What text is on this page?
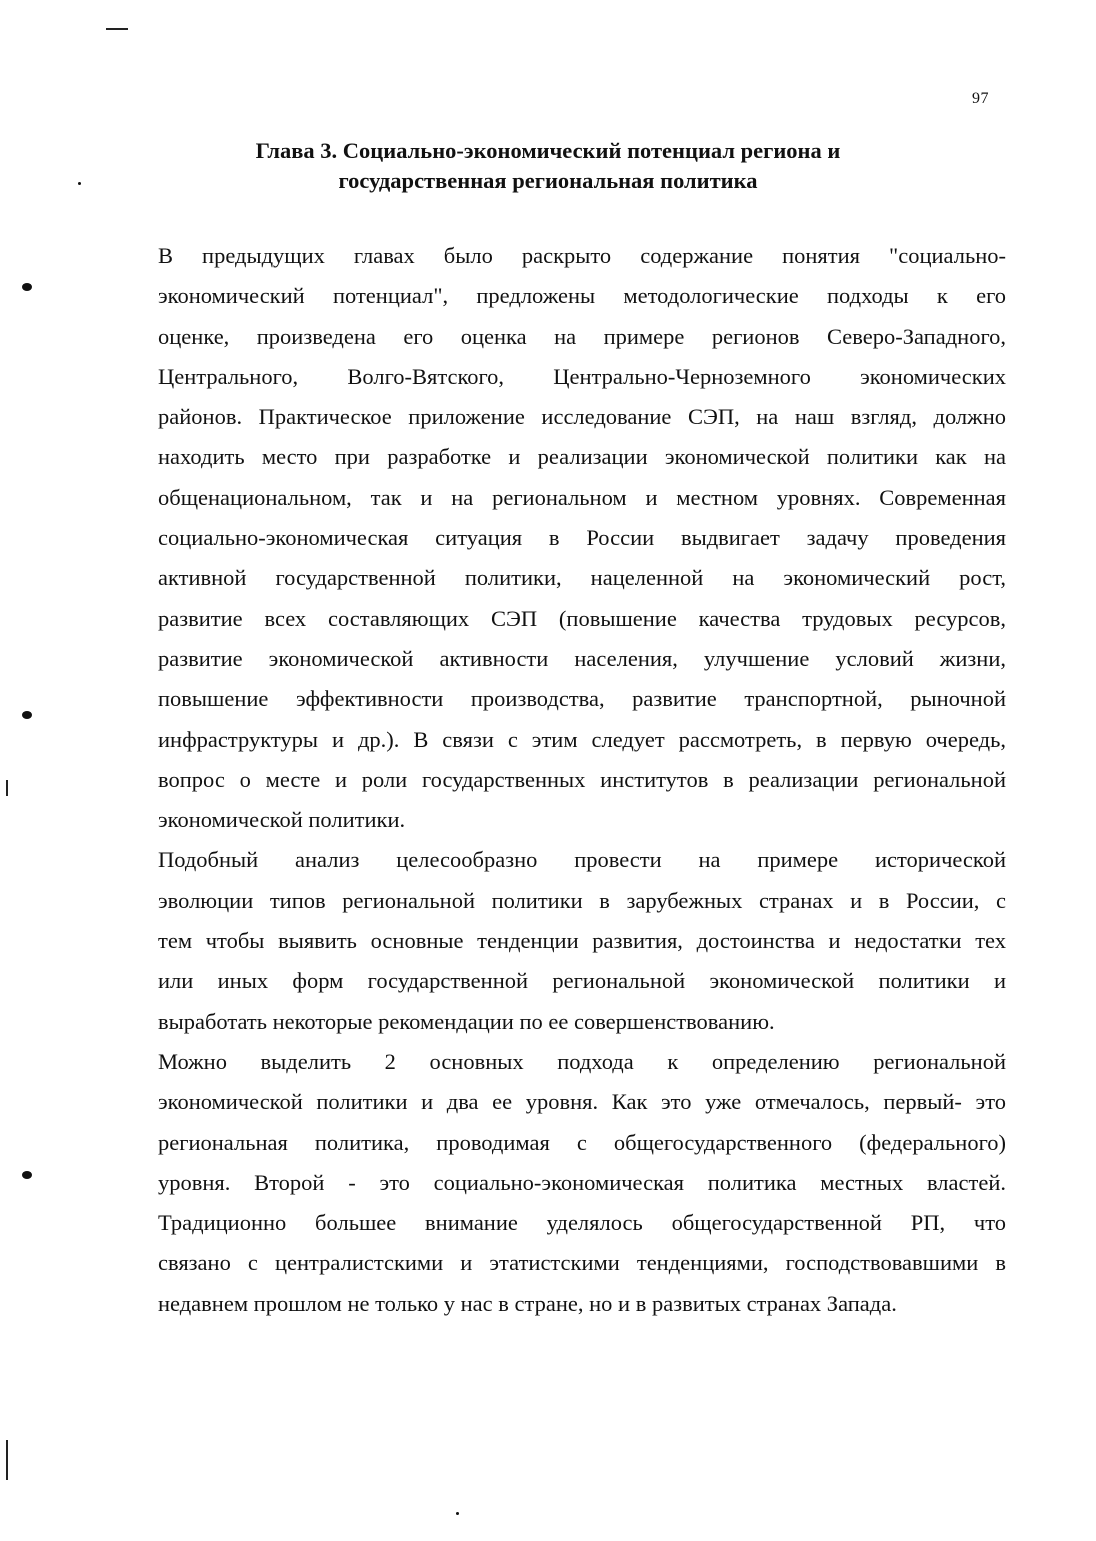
97
Глава 3. Социально-экономический потенциал региона и
государственная региональная политика

В предыдущих главах было раскрыто содержание понятия "социально-
экономический потенциал", предложены методологические подходы к его
оценке, произведена его оценка на примере регионов Северо-Западного,
Центрального, Волго-Вятского, Центрально-Черноземного экономических
районов. Практическое приложение исследование СЭП, на наш взгляд, должно
находить место при разработке и реализации экономической политики как на
общенациональном, так и на региональном и местном уровнях. Современная
социально-экономическая ситуация в России выдвигает задачу проведения
активной государственной политики, нацеленной на экономический рост,
развитие всех составляющих СЭП (повышение качества трудовых ресурсов,
развитие экономической активности населения, улучшение условий жизни,
повышение эффективности производства, развитие транспортной, рыночной
инфраструктуры и др.). В связи с этим следует рассмотреть, в первую очередь,
вопрос о месте и роли государственных институтов в реализации региональной
экономической политики.

Подобный анализ целесообразно провести на примере исторической
эволюции типов региональной политики в зарубежных странах и в России, с
тем чтобы выявить основные тенденции развития, достоинства и недостатки тех
или иных форм государственной региональной экономической политики и
выработать некоторые рекомендации по ее совершенствованию.

Можно выделить 2 основных подхода к определению региональной
экономической политики и два ее уровня. Как это уже отмечалось, первый- это
региональная политика, проводимая с общегосударственного (федерального)
уровня. Второй - это социально-экономическая политика местных властей.
Традиционно большее внимание уделялось общегосударственной РП, что
связано с централистскими и этатистскими тенденциями, господствовавшими в
недавнем прошлом не только у нас в стране, но и в развитых странах Запада.
